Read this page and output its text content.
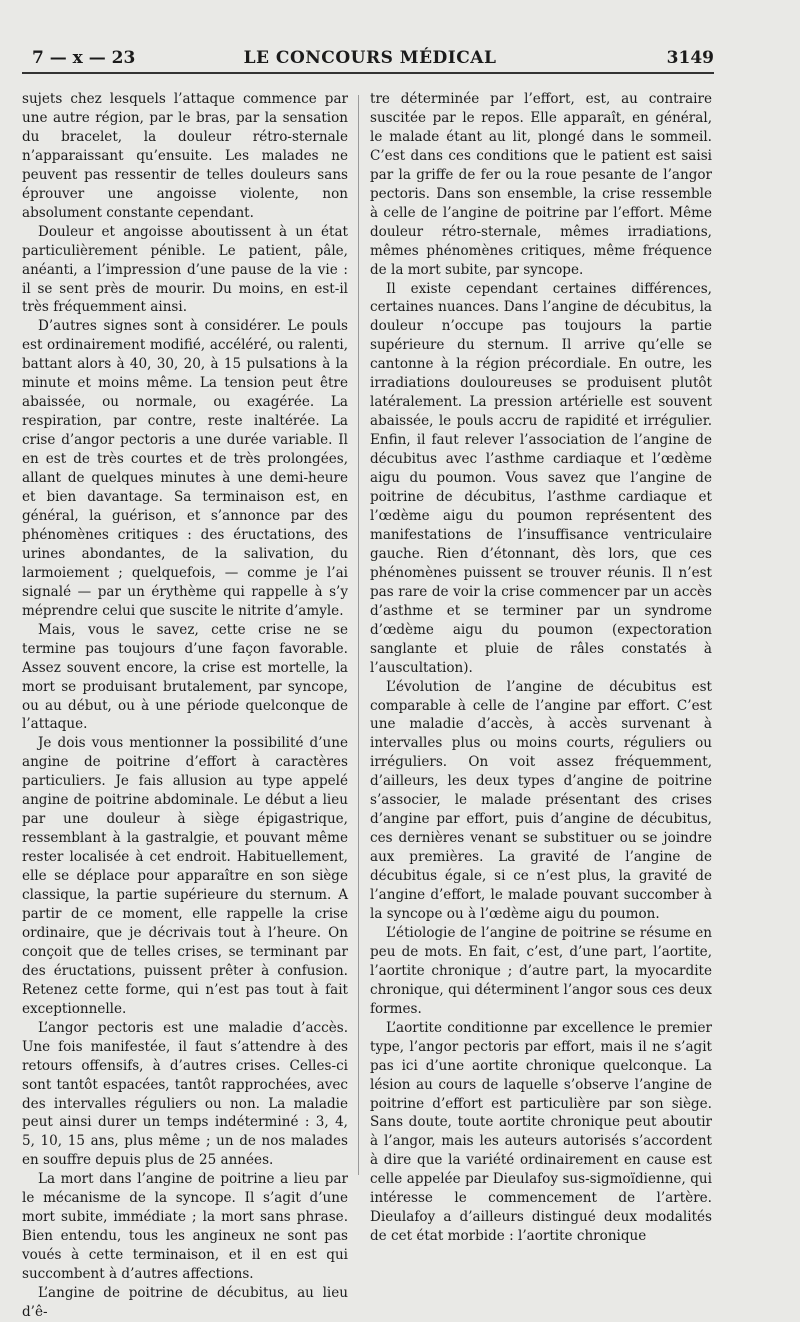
7 — x — 23	LE CONCOURS MÉDICAL	3149

sujets chez lesquels l’attaque commence par une autre région, par le bras, par la sensation du bracelet, la douleur rétro-sternale n’apparaissant qu’ensuite. Les malades ne peuvent pas ressentir de telles douleurs sans éprouver une angoisse violente, non absolument constante cependant.

Douleur et angoisse aboutissent à un état particulièrement pénible. Le patient, pâle, anéanti, a l’impression d’une pause de la vie : il se sent près de mourir. Du moins, en est-il très fréquemment ainsi.

D’autres signes sont à considérer. Le pouls est ordinairement modifié, accéléré, ou ralenti, battant alors à 40, 30, 20, à 15 pulsations à la minute et moins même. La tension peut être abaissée, ou normale, ou exagérée. La respiration, par contre, reste inaltérée. La crise d’angor pectoris a une durée variable. Il en est de très courtes et de très prolongées, allant de quelques minutes à une demi-heure et bien davantage. Sa terminaison est, en général, la guérison, et s’annonce par des phénomènes critiques : des éructations, des urines abondantes, de la salivation, du larmoiement ; quelquefois, — comme je l’ai signalé — par un érythème qui rappelle à s’y méprendre celui que suscite le nitrite d’amyle.

Mais, vous le savez, cette crise ne se termine pas toujours d’une façon favorable. Assez souvent encore, la crise est mortelle, la mort se produisant brutalement, par syncope, ou au début, ou à une période quelconque de l’attaque.

Je dois vous mentionner la possibilité d’une angine de poitrine d’effort à caractères particuliers. Je fais allusion au type appelé angine de poitrine abdominale. Le début a lieu par une douleur à siège épigastrique, ressemblant à la gastralgie, et pouvant même rester localisée à cet endroit. Habituellement, elle se déplace pour apparaître en son siège classique, la partie supérieure du sternum. A partir de ce moment, elle rappelle la crise ordinaire, que je décrivais tout à l’heure. On conçoit que de telles crises, se terminant par des éructations, puissent prêter à confusion. Retenez cette forme, qui n’est pas tout à fait exceptionnelle.

L’angor pectoris est une maladie d’accès. Une fois manifestée, il faut s’attendre à des retours offensifs, à d’autres crises. Celles-ci sont tantôt espacées, tantôt rapprochées, avec des intervalles réguliers ou non. La maladie peut ainsi durer un temps indéterminé : 3, 4, 5, 10, 15 ans, plus même ; un de nos malades en souffre depuis plus de 25 années.

La mort dans l’angine de poitrine a lieu par le mécanisme de la syncope. Il s’agit d’une mort subite, immédiate ; la mort sans phrase. Bien entendu, tous les angineux ne sont pas voués à cette terminaison, et il en est qui succombent à d’autres affections.

L’angine de poitrine de décubitus, au lieu d’ê-

tre déterminée par l’effort, est, au contraire suscitée par le repos. Elle apparaît, en général, le malade étant au lit, plongé dans le sommeil. C’est dans ces conditions que le patient est saisi par la griffe de fer ou la roue pesante de l’angor pectoris. Dans son ensemble, la crise ressemble à celle de l’angine de poitrine par l’effort. Même douleur rétro-sternale, mêmes irradiations, mêmes phénomènes critiques, même fréquence de la mort subite, par syncope.

Il existe cependant certaines différences, certaines nuances. Dans l’angine de décubitus, la douleur n’occupe pas toujours la partie supérieure du sternum. Il arrive qu’elle se cantonne à la région précordiale. En outre, les irradiations douloureuses se produisent plutôt latéralement. La pression artérielle est souvent abaissée, le pouls accru de rapidité et irrégulier. Enfin, il faut relever l’association de l’angine de décubitus avec l’asthme cardiaque et l’œdème aigu du poumon. Vous savez que l’angine de poitrine de décubitus, l’asthme cardiaque et l’œdème aigu du poumon représentent des manifestations de l’insuffisance ventriculaire gauche. Rien d’étonnant, dès lors, que ces phénomènes puissent se trouver réunis. Il n’est pas rare de voir la crise commencer par un accès d’asthme et se terminer par un syndrome d’œdème aigu du poumon (expectoration sanglante et pluie de râles constatés à l’auscultation).

L’évolution de l’angine de décubitus est comparable à celle de l’angine par effort. C’est une maladie d’accès, à accès survenant à intervalles plus ou moins courts, réguliers ou irréguliers. On voit assez fréquemment, d’ailleurs, les deux types d’angine de poitrine s’associer, le malade présentant des crises d’angine par effort, puis d’angine de décubitus, ces dernières venant se substituer ou se joindre aux premières. La gravité de l’angine de décubitus égale, si ce n’est plus, la gravité de l’angine d’effort, le malade pouvant succomber à la syncope ou à l’œdème aigu du poumon.

L’étiologie de l’angine de poitrine se résume en peu de mots. En fait, c’est, d’une part, l’aortite, l’aortite chronique ; d’autre part, la myocardite chronique, qui déterminent l’angor sous ces deux formes.

L’aortite conditionne par excellence le premier type, l’angor pectoris par effort, mais il ne s’agit pas ici d’une aortite chronique quelconque. La lésion au cours de laquelle s’observe l’angine de poitrine d’effort est particulière par son siège. Sans doute, toute aortite chronique peut aboutir à l’angor, mais les auteurs autorisés s’accordent à dire que la variété ordinairement en cause est celle appelée par Dieulafoy sus-sigmoïdienne, qui intéresse le commencement de l’artère. Dieulafoy a d’ailleurs distingué deux modalités de cet état morbide : l’aortite chronique
